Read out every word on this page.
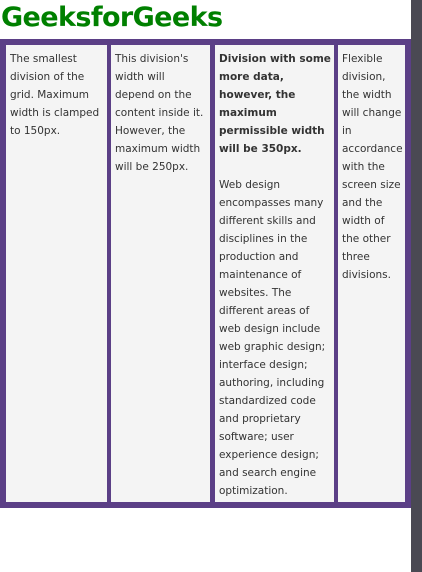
GeeksforGeeks

The smallest division of the grid. Maximum width is clamped to 150px.

This division's width will depend on the content inside it. However, the maximum width will be 250px.

Division with some more data, however, the maximum permissible width will be 350px.

Web design encompasses many different skills and disciplines in the production and maintenance of websites. The different areas of web design include web graphic design; interface design; authoring, including standardized code and proprietary software; user experience design; and search engine optimization.

Flexible division, the width will change in accordance with the screen size and the width of the other three divisions.
